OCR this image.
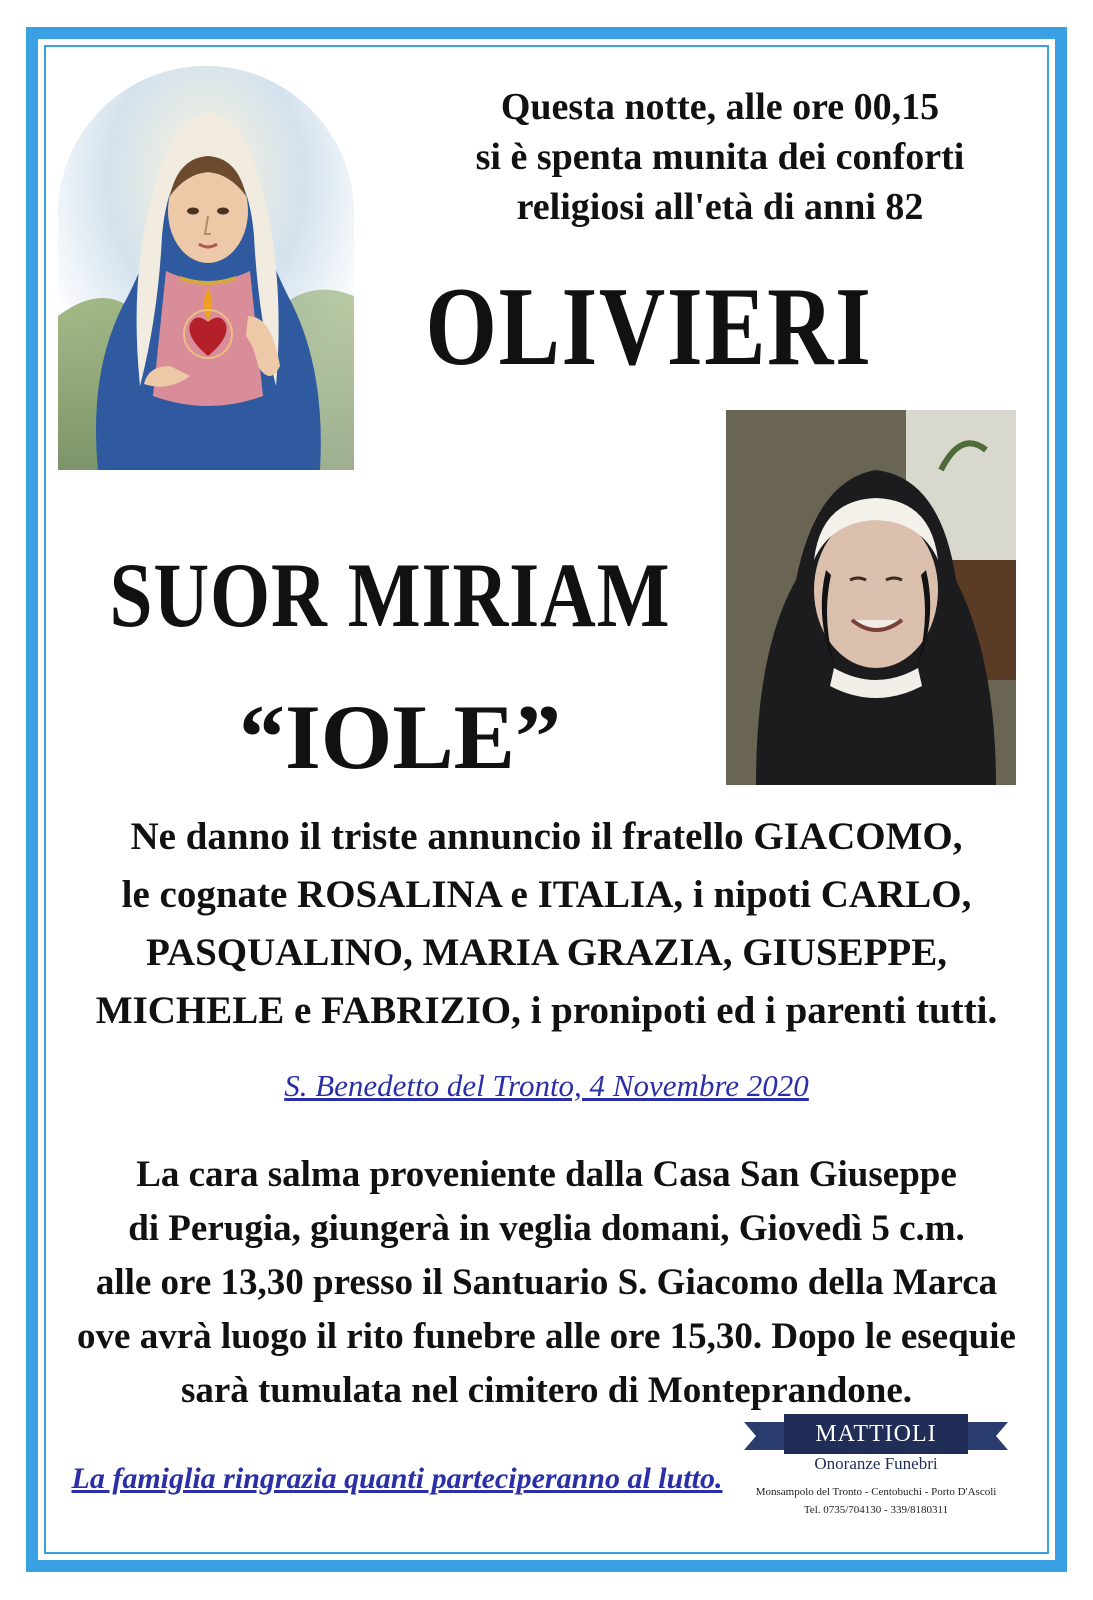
Questa notte, alle ore 00,15
si è spenta munita dei conforti
religiosi all'età di anni 82
OLIVIERI
SUOR MIRIAM
“IOLE”
Ne danno il triste annuncio il fratello GIACOMO,
le cognate ROSALINA e ITALIA, i nipoti CARLO,
PASQUALINO, MARIA GRAZIA, GIUSEPPE,
MICHELE e FABRIZIO, i pronipoti ed i parenti tutti.
S. Benedetto del Tronto, 4 Novembre 2020
La cara salma proveniente dalla Casa San Giuseppe
di Perugia, giungerà in veglia domani, Giovedì 5 c.m.
alle ore 13,30 presso il Santuario S. Giacomo della Marca
ove avrà luogo il rito funebre alle ore 15,30. Dopo le esequie
sarà tumulata nel cimitero di Monteprandone.
La famiglia ringrazia quanti parteciperanno al lutto.
MATTIOLI
Onoranze Funebri
Monsampolo del Tronto - Centobuchi - Porto D'Ascoli
Tel. 0735/704130 - 339/8180311
